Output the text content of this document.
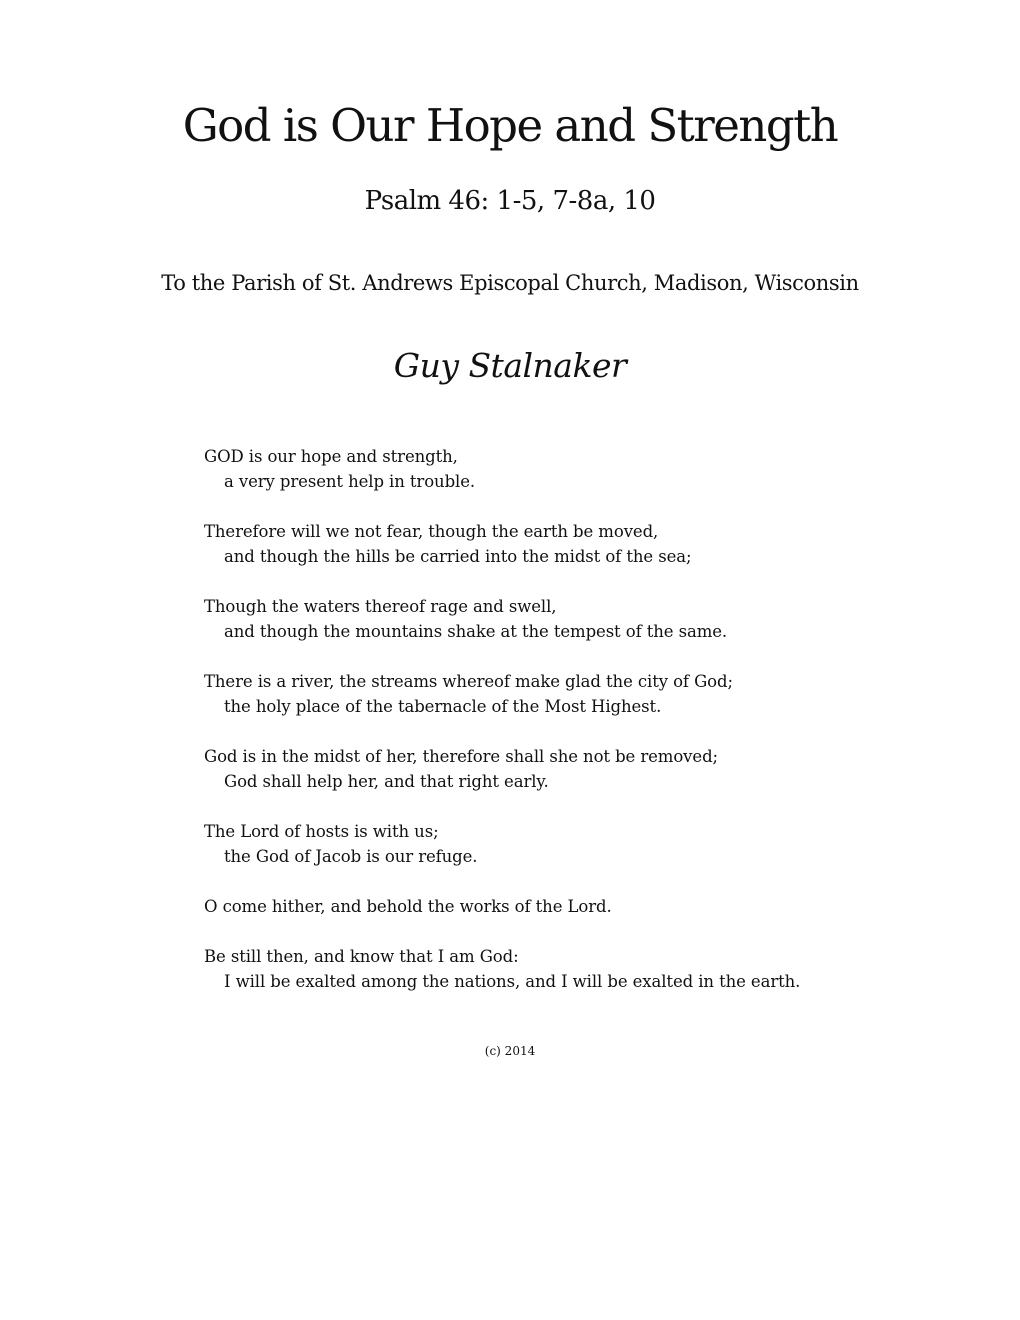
God is Our Hope and Strength

Psalm 46: 1-5, 7-8a, 10

To the Parish of St. Andrews Episcopal Church, Madison, Wisconsin

Guy Stalnaker

GOD is our hope and strength,
a very present help in trouble.

Therefore will we not fear, though the earth be moved,
and though the hills be carried into the midst of the sea;

Though the waters thereof rage and swell,
and though the mountains shake at the tempest of the same.

There is a river, the streams whereof make glad the city of God;
the holy place of the tabernacle of the Most Highest.

God is in the midst of her, therefore shall she not be removed;
God shall help her, and that right early.

The Lord of hosts is with us;
the God of Jacob is our refuge.

O come hither, and behold the works of the Lord.

Be still then, and know that I am God:
I will be exalted among the nations, and I will be exalted in the earth.

(c) 2014
